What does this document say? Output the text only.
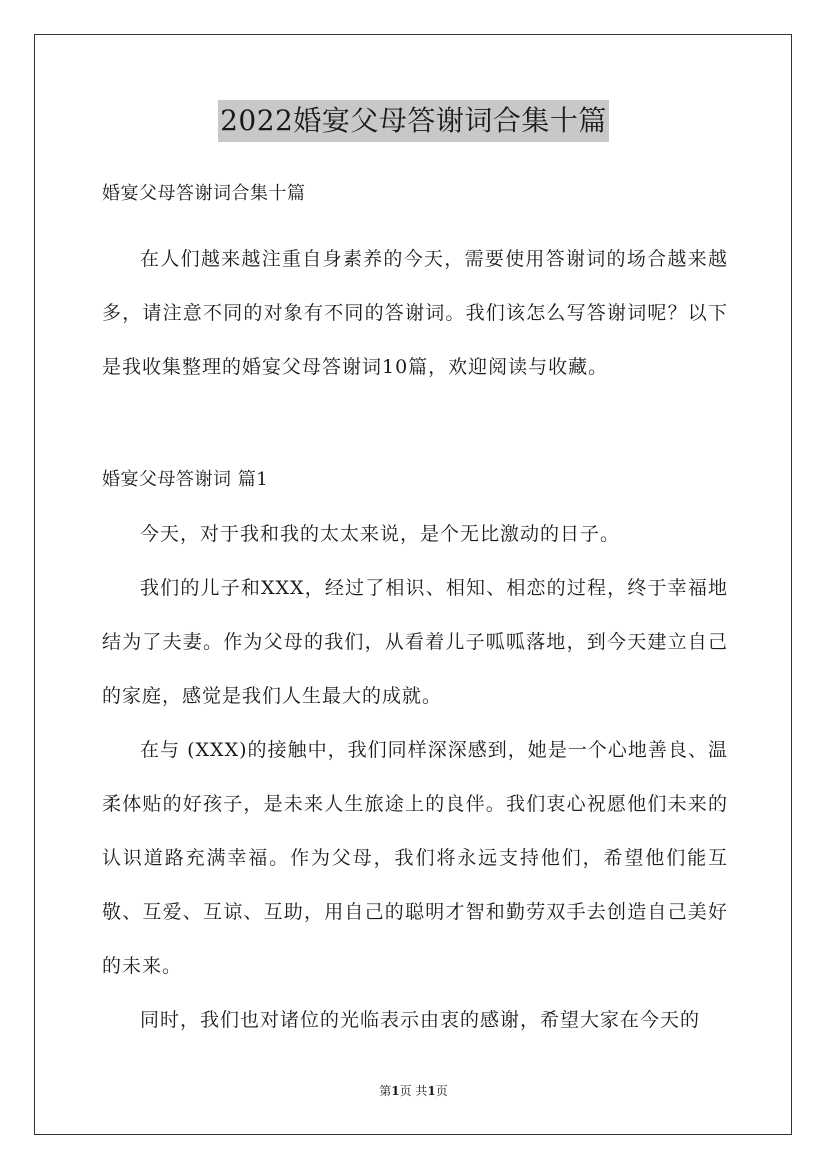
2022婚宴父母答谢词合集十篇

婚宴父母答谢词合集十篇

在人们越来越注重自身素养的今天，需要使用答谢词的场合越来越多，请注意不同的对象有不同的答谢词。我们该怎么写答谢词呢？以下是我收集整理的婚宴父母答谢词10篇，欢迎阅读与收藏。

婚宴父母答谢词 篇1

今天，对于我和我的太太来说，是个无比激动的日子。

我们的儿子和XXX，经过了相识、相知、相恋的过程，终于幸福地结为了夫妻。作为父母的我们，从看着儿子呱呱落地，到今天建立自己的家庭，感觉是我们人生最大的成就。

在与 (XXX)的接触中，我们同样深深感到，她是一个心地善良、温柔体贴的好孩子，是未来人生旅途上的良伴。我们衷心祝愿他们未来的认识道路充满幸福。作为父母，我们将永远支持他们，希望他们能互敬、互爱、互谅、互助，用自己的聪明才智和勤劳双手去创造自己美好的未来。

同时，我们也对诸位的光临表示由衷的感谢，希望大家在今天的

第1页 共1页
